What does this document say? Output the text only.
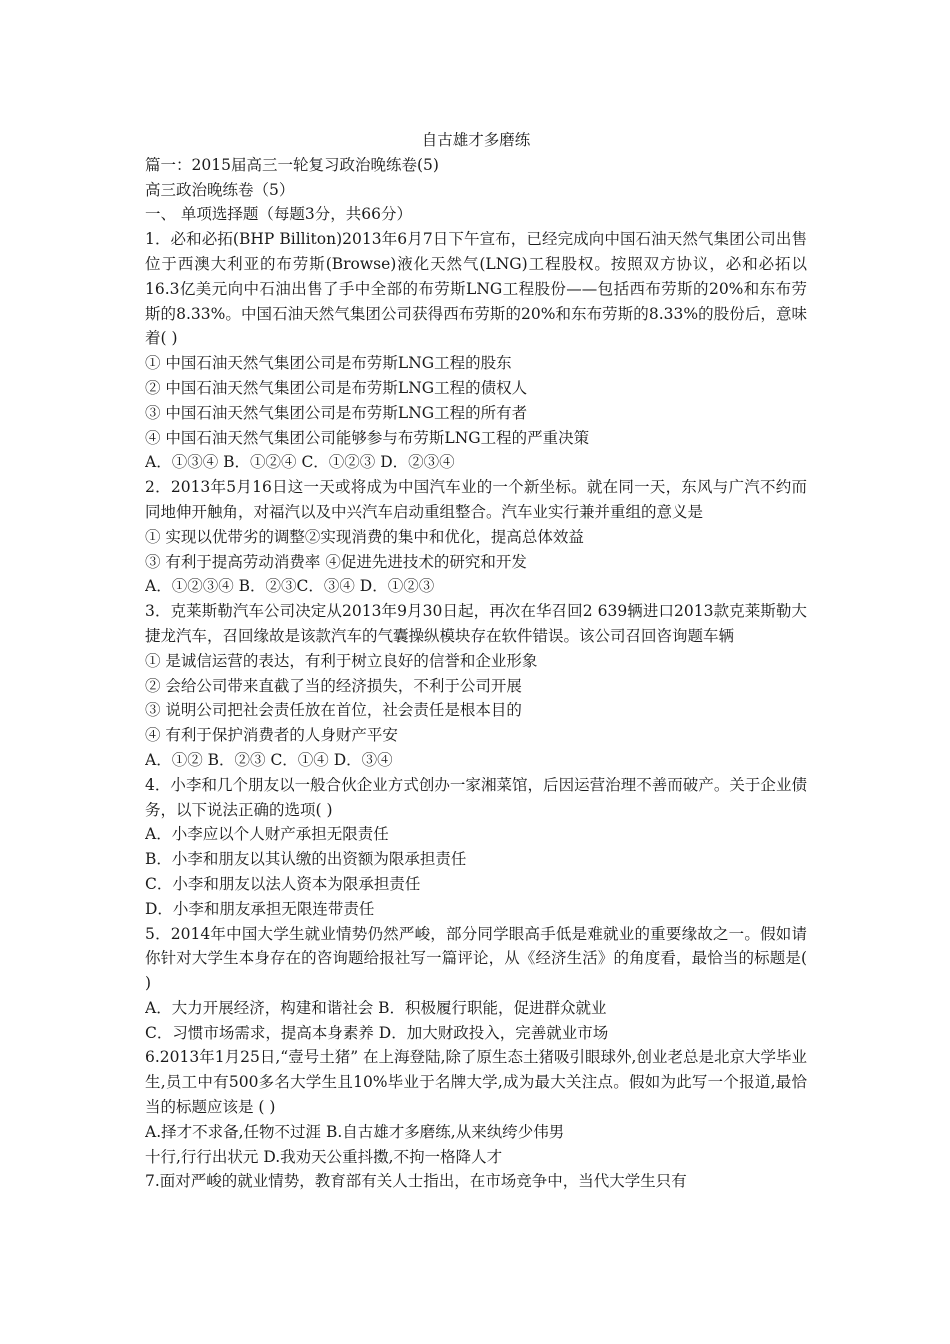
自古雄才多磨练
篇一：2015届高三一轮复习政治晚练卷(5)
高三政治晚练卷（5）
一、 单项选择题（每题3分，共66分）
1．必和必拓(BHP Billiton)2013年6月7日下午宣布，已经完成向中国石油天然气集团公司出售位于西澳大利亚的布劳斯(Browse)液化天然气(LNG)工程股权。按照双方协议，必和必拓以16.3亿美元向中石油出售了手中全部的布劳斯LNG工程股份——包括西布劳斯的20%和东布劳斯的8.33%。中国石油天然气集团公司获得西布劳斯的20%和东布劳斯的8.33%的股份后，意味着( )
① 中国石油天然气集团公司是布劳斯LNG工程的股东
② 中国石油天然气集团公司是布劳斯LNG工程的债权人
③ 中国石油天然气集团公司是布劳斯LNG工程的所有者
④ 中国石油天然气集团公司能够参与布劳斯LNG工程的严重决策
A．①③④ B．①②④ C．①②③ D．②③④
2．2013年5月16日这一天或将成为中国汽车业的一个新坐标。就在同一天，东风与广汽不约而同地伸开触角，对福汽以及中兴汽车启动重组整合。汽车业实行兼并重组的意义是
① 实现以优带劣的调整②实现消费的集中和优化，提高总体效益
③ 有利于提高劳动消费率 ④促进先进技术的研究和开发
A．①②③④ B．②③C．③④ D．①②③
3．克莱斯勒汽车公司决定从2013年9月30日起，再次在华召回2 639辆进口2013款克莱斯勒大捷龙汽车，召回缘故是该款汽车的气囊操纵模块存在软件错误。该公司召回咨询题车辆
① 是诚信运营的表达，有利于树立良好的信誉和企业形象
② 会给公司带来直截了当的经济损失，不利于公司开展
③ 说明公司把社会责任放在首位，社会责任是根本目的
④ 有利于保护消费者的人身财产平安
A．①② B．②③ C．①④ D．③④
4．小李和几个朋友以一般合伙企业方式创办一家湘菜馆，后因运营治理不善而破产。关于企业债务，以下说法正确的选项( )
A．小李应以个人财产承担无限责任
B．小李和朋友以其认缴的出资额为限承担责任
C．小李和朋友以法人资本为限承担责任
D．小李和朋友承担无限连带责任
5．2014年中国大学生就业情势仍然严峻，部分同学眼高手低是难就业的重要缘故之一。假如请你针对大学生本身存在的咨询题给报社写一篇评论，从《经济生活》的角度看，最恰当的标题是( )
A．大力开展经济，构建和谐社会 B．积极履行职能，促进群众就业
C．习惯市场需求，提高本身素养 D．加大财政投入，完善就业市场
6.2013年1月25日,“壹号土猪” 在上海登陆,除了原生态土猪吸引眼球外,创业老总是北京大学毕业生,员工中有500多名大学生且10%毕业于名牌大学,成为最大关注点。假如为此写一个报道,最恰当的标题应该是 ( )
A.择才不求备,任物不过涯 B.自古雄才多磨练,从来纨绔少伟男
十行,行行出状元 D.我劝天公重抖擞,不拘一格降人才
7.面对严峻的就业情势，教育部有关人士指出，在市场竞争中，当代大学生只有
